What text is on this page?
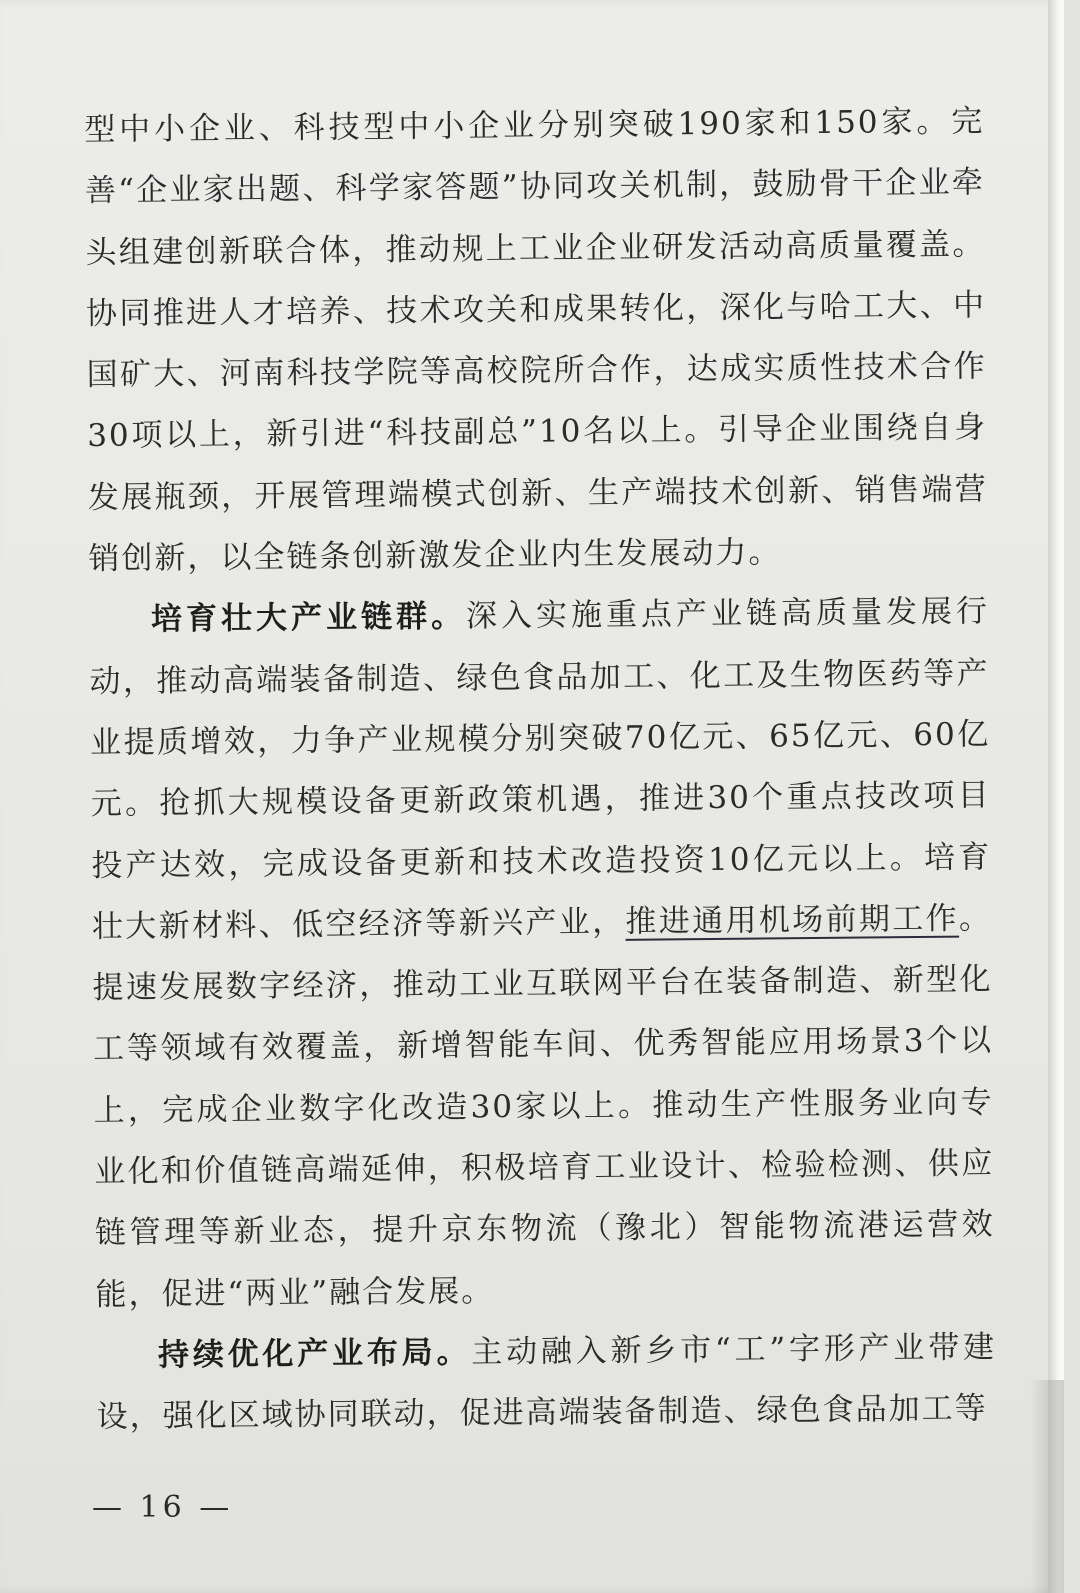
型中小企业、科技型中小企业分别突破190家和150家。完善“企业家出题、科学家答题”协同攻关机制，鼓励骨干企业牵头组建创新联合体，推动规上工业企业研发活动高质量覆盖。协同推进人才培养、技术攻关和成果转化，深化与哈工大、中国矿大、河南科技学院等高校院所合作，达成实质性技术合作30项以上，新引进“科技副总”10名以上。引导企业围绕自身发展瓶颈，开展管理端模式创新、生产端技术创新、销售端营销创新，以全链条创新激发企业内生发展动力。

培育壮大产业链群。深入实施重点产业链高质量发展行动，推动高端装备制造、绿色食品加工、化工及生物医药等产业提质增效，力争产业规模分别突破70亿元、65亿元、60亿元。抢抓大规模设备更新政策机遇，推进30个重点技改项目投产达效，完成设备更新和技术改造投资10亿元以上。培育壮大新材料、低空经济等新兴产业，推进通用机场前期工作。提速发展数字经济，推动工业互联网平台在装备制造、新型化工等领域有效覆盖，新增智能车间、优秀智能应用场景3个以上，完成企业数字化改造30家以上。推动生产性服务业向专业化和价值链高端延伸，积极培育工业设计、检验检测、供应链管理等新业态，提升京东物流（豫北）智能物流港运营效能，促进“两业”融合发展。

持续优化产业布局。主动融入新乡市“工”字形产业带建设，强化区域协同联动，促进高端装备制造、绿色食品加工等

— 16 —
